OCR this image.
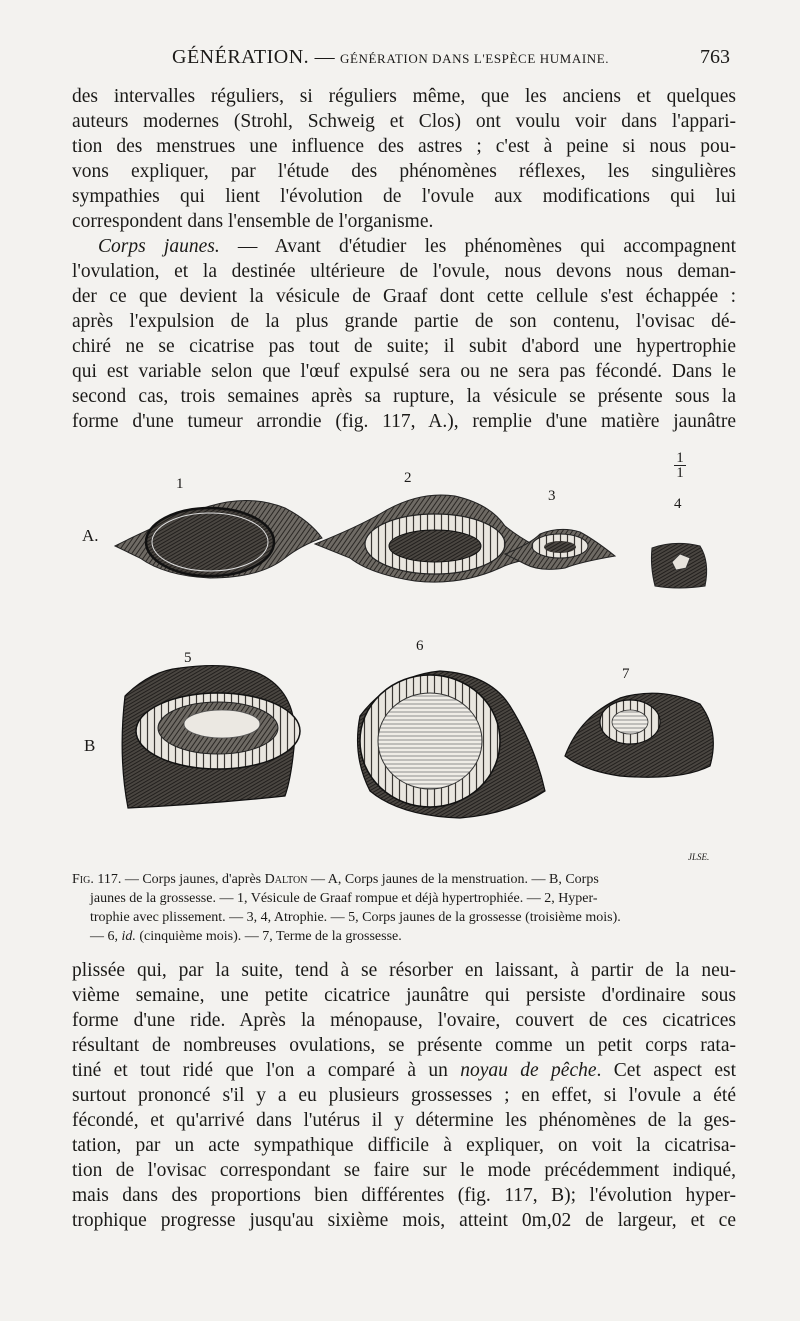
GÉNÉRATION. — GÉNÉRATION DANS L'ESPÈCE HUMAINE.	763

des intervalles réguliers, si réguliers même, que les anciens et quelques

auteurs modernes (Strohl, Schweig et Clos) ont voulu voir dans l'appari-

tion des menstrues une influence des astres ; c'est à peine si nous pou-

vons expliquer, par l'étude des phénomènes réflexes, les singulières

sympathies qui lient l'évolution de l'ovule aux modifications qui lui

correspondent dans l'ensemble de l'organisme.

Corps jaunes. — Avant d'étudier les phénomènes qui accompagnent

l'ovulation, et la destinée ultérieure de l'ovule, nous devons nous deman-

der ce que devient la vésicule de Graaf dont cette cellule s'est échappée :

après l'expulsion de la plus grande partie de son contenu, l'ovisac dé-

chiré ne se cicatrise pas tout de suite; il subit d'abord une hypertrophie

qui est variable selon que l'œuf expulsé sera ou ne sera pas fécondé. Dans le

second cas, trois semaines après sa rupture, la vésicule se présente sous la

forme d'une tumeur arrondie (fig. 117, A.), remplie d'une matière jaunâtre

A.
B
1	2
3	4
$\frac{1}{1}$
5
6
7
JLSE.
Fig. 117. — Corps jaunes, d'après Dalton — A, Corps jaunes de la menstruation. — B, Corps
jaunes de la grossesse. — 1, Vésicule de Graaf rompue et déjà hypertrophiée. — 2, Hyper-
trophie avec plissement. — 3, 4, Atrophie. — 5, Corps jaunes de la grossesse (troisième mois).
— 6, id. (cinquième mois). — 7, Terme de la grossesse.

plissée qui, par la suite, tend à se résorber en laissant, à partir de la neu-

vième semaine, une petite cicatrice jaunâtre qui persiste d'ordinaire sous

forme d'une ride. Après la ménopause, l'ovaire, couvert de ces cicatrices

résultant de nombreuses ovulations, se présente comme un petit corps rata-

tiné et tout ridé que l'on a comparé à un noyau de pêche. Cet aspect est

surtout prononcé s'il y a eu plusieurs grossesses ; en effet, si l'ovule a été

fécondé, et qu'arrivé dans l'utérus il y détermine les phénomènes de la ges-

tation, par un acte sympathique difficile à expliquer, on voit la cicatrisa-

tion de l'ovisac correspondant se faire sur le mode précédemment indiqué,

mais dans des proportions bien différentes (fig. 117, B); l'évolution hyper-

trophique progresse jusqu'au sixième mois, atteint 0m,02 de largeur, et ce
